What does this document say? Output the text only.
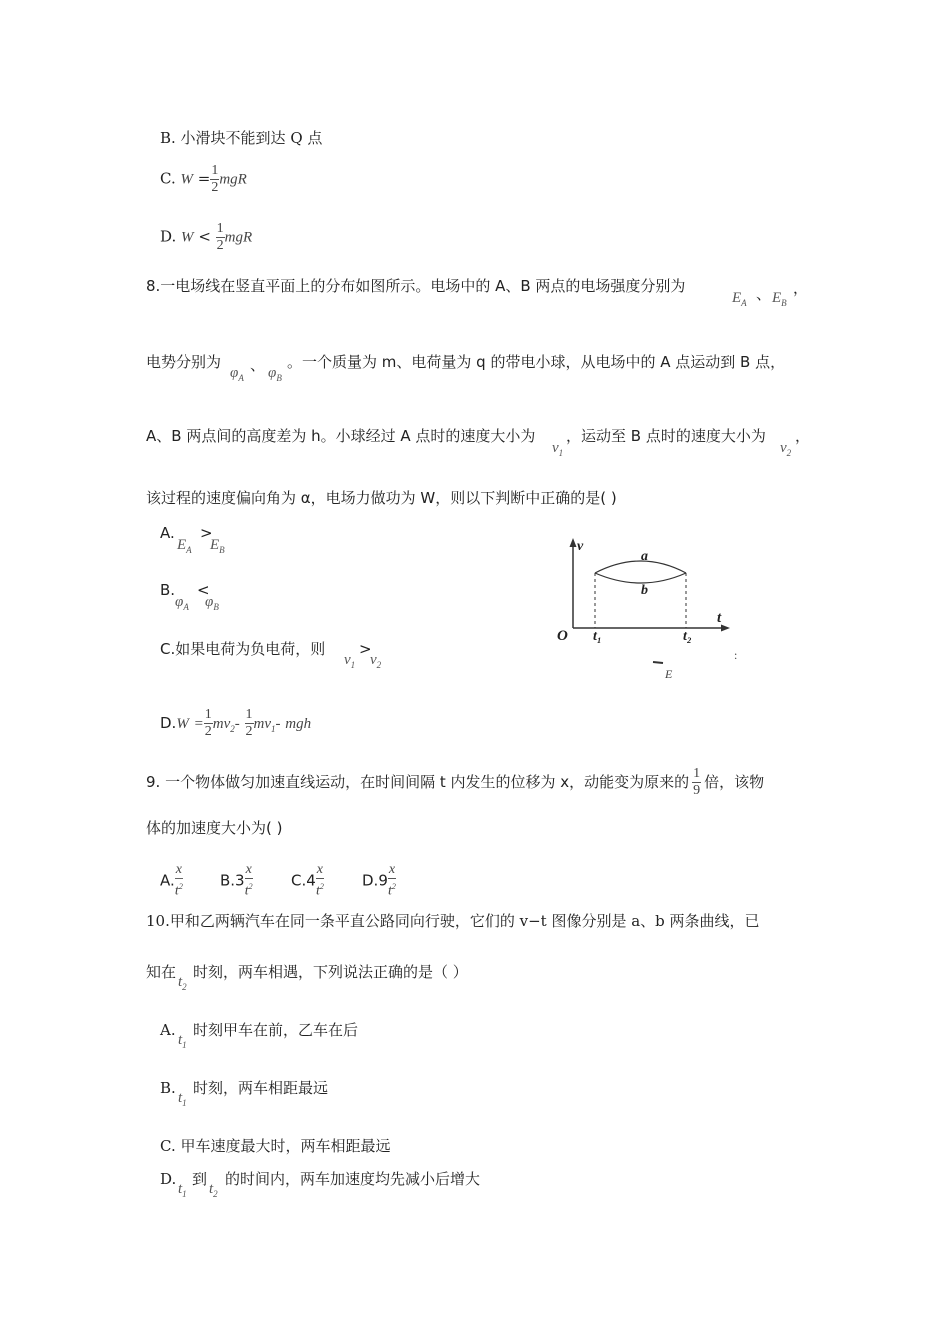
B. 小滑块不能到达 Q 点
C. $W = \frac{1}{2}$ mgR
D. $W < \frac{1}{2}$ mgR
8.一电场线在竖直平面上的分布如图所示。电场中的 A、B 两点的电场强度分别为
$E_A$ 、 $E_B$
，
电势分别为
$\varphi_A$
、 $\varphi_B$
。一个质量为 m、电荷量为 q 的带电小球，从电场中的 A 点运动到 B 点，
A、B 两点间的高度差为 h。小球经过 A 点时的速度大小为
$v_1$
，运动至 B 点时的速度大小为
$v_2$
，
该过程的速度偏向角为 α，电场力做功为 W，则以下判断中正确的是( )
A. >
$E_A$ $E_B$
B. <
$\varphi_A$ $\varphi_B$
C.如果电荷为负电荷，则 >
$v_1$ $v_2$
$D.W = \frac{1}{2} mv_2- \frac{1}{2} mv_1-$ mgh
v
t
a
b
O t₁	t₂
E
:
9. 一个物体做匀加速直线运动，在时间间隔 t 内发生的位移为 x，动能变为原来的 $\frac{1}{9}$ 倍，该物
体的加速度大小为( )
A. $\frac{x}{t^2} B.3 \frac{x}{t^2}$	$C.4 \frac{x}{t^2}$	$D.9 \frac{x}{t^2}$
10.甲和乙两辆汽车在同一条平直公路同向行驶，它们的 v−t 图像分别是 a、b 两条曲线，已
知在
$t_2$
时刻，两车相遇，下列说法正确的是（ ）
A.
$t_1$
时刻甲车在前，乙车在后
B.
$t_1$
时刻，两车相距最远
C. 甲车速度最大时，两车相距最远
D.
$t_1$
到
$t_2$
的时间内，两车加速度均先减小后增大
